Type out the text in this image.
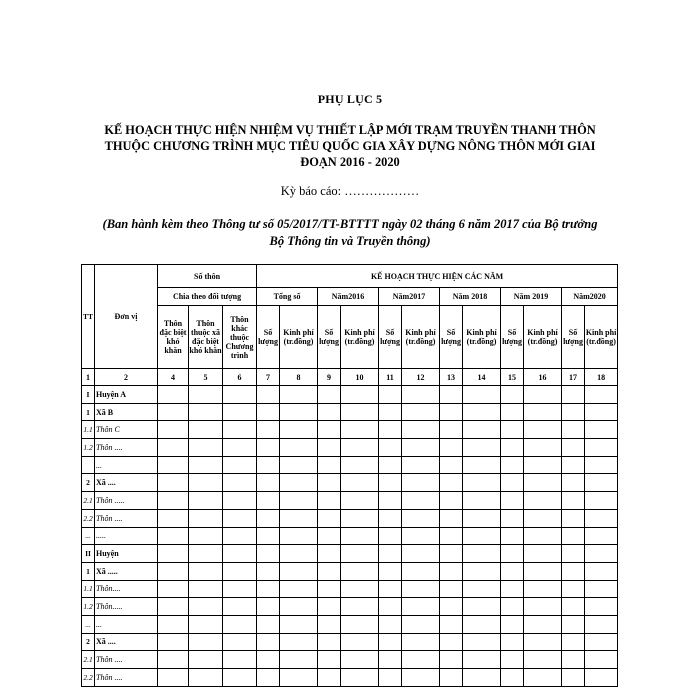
PHỤ LỤC 5
KẾ HOẠCH THỰC HIỆN NHIỆM VỤ THIẾT LẬP MỚI TRẠM TRUYỀN THANH THÔN
THUỘC CHƯƠNG TRÌNH MỤC TIÊU QUỐC GIA XÂY DỰNG NÔNG THÔN MỚI GIAI
ĐOẠN 2016 - 2020
Kỳ báo cáo: ………………
(Ban hành kèm theo Thông tư số 05/2017/TT-BTTTT ngày 02 tháng 6 năm 2017 của Bộ trưởng
Bộ Thông tin và Truyền thông)
TT	Đơn vị	Số thôn			KẾ HOẠCH THỰC HIỆN CÁC NĂM											
		Chia theo đối tượng			Tổng số		Năm2016		Năm2017		Năm 2018		Năm 2019		Năm2020	
		Thôn đặc biệt khó khăn	Thôn thuộc xã đặc biệt khó khăn	Thôn khác thuộc Chương trình	Số lượng	Kinh phí (tr.đồng)	Số lượng	Kinh phí (tr.đồng)	Số lượng	Kinh phí (tr.đồng)	Số lượng	Kinh phí (tr.đồng)	Số lượng	Kinh phí (tr.đồng)	Số lượng	Kinh phí (tr.đồng)
1	2	4	5	6	7	8	9	10	11	12	13	14	15	16	17	18
I	Huyện A															
1	Xã B															
1.1	Thôn C															
1.2	Thôn ....															
	...															
2	Xã ....															
2.1	Thôn .....															
2.2	Thôn ....															
...	.....															
II	Huyện															
1	Xã .....															
1.1	Thôn....															
1.2	Thôn.....															
...	...															
2	Xã ....															
2.1	Thôn ....															
2.2	Thôn ....															
